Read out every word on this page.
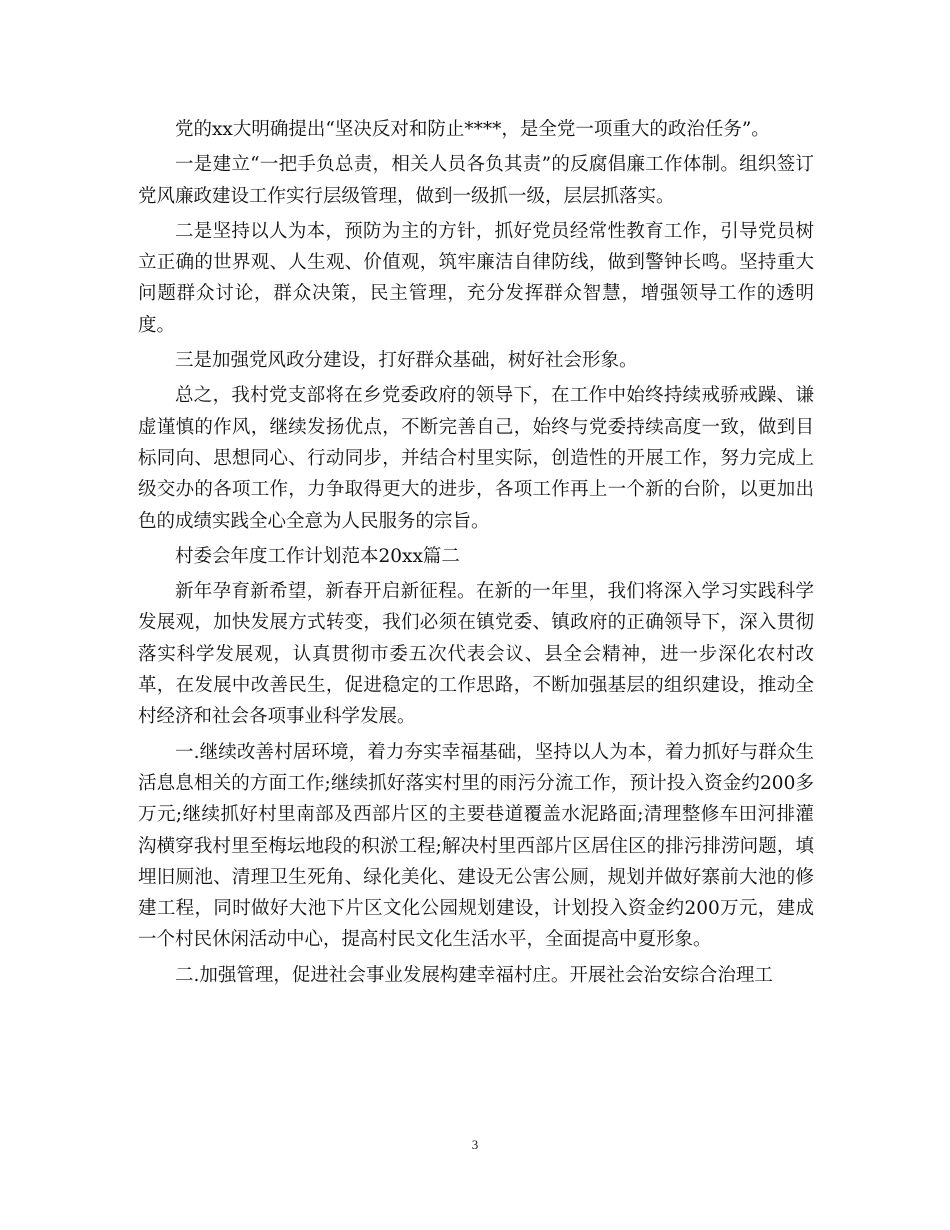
党的xx大明确提出“坚决反对和防止****，是全党一项重大的政治任务”。

一是建立“一把手负总责，相关人员各负其责”的反腐倡廉工作体制。组织签订党风廉政建设工作实行层级管理，做到一级抓一级，层层抓落实。

二是坚持以人为本，预防为主的方针，抓好党员经常性教育工作，引导党员树立正确的世界观、人生观、价值观，筑牢廉洁自律防线，做到警钟长鸣。坚持重大问题群众讨论，群众决策，民主管理，充分发挥群众智慧，增强领导工作的透明度。

三是加强党风政分建设，打好群众基础，树好社会形象。

总之，我村党支部将在乡党委政府的领导下，在工作中始终持续戒骄戒躁、谦虚谨慎的作风，继续发扬优点，不断完善自己，始终与党委持续高度一致，做到目标同向、思想同心、行动同步，并结合村里实际，创造性的开展工作，努力完成上级交办的各项工作，力争取得更大的进步，各项工作再上一个新的台阶，以更加出色的成绩实践全心全意为人民服务的宗旨。

村委会年度工作计划范本20xx篇二

新年孕育新希望，新春开启新征程。在新的一年里，我们将深入学习实践科学发展观，加快发展方式转变，我们必须在镇党委、镇政府的正确领导下，深入贯彻落实科学发展观，认真贯彻市委五次代表会议、县全会精神，进一步深化农村改革，在发展中改善民生，促进稳定的工作思路，不断加强基层的组织建设，推动全村经济和社会各项事业科学发展。

一.继续改善村居环境，着力夯实幸福基础，坚持以人为本，着力抓好与群众生活息息相关的方面工作;继续抓好落实村里的雨污分流工作，预计投入资金约200多万元;继续抓好村里南部及西部片区的主要巷道覆盖水泥路面;清理整修车田河排灌沟横穿我村里至梅坛地段的积淤工程;解决村里西部片区居住区的排污排涝问题，填埋旧厕池、清理卫生死角、绿化美化、建设无公害公厕，规划并做好寨前大池的修建工程，同时做好大池下片区文化公园规划建设，计划投入资金约200万元，建成一个村民休闲活动中心，提高村民文化生活水平，全面提高中夏形象。

二.加强管理，促进社会事业发展构建幸福村庄。开展社会治安综合治理工

3
